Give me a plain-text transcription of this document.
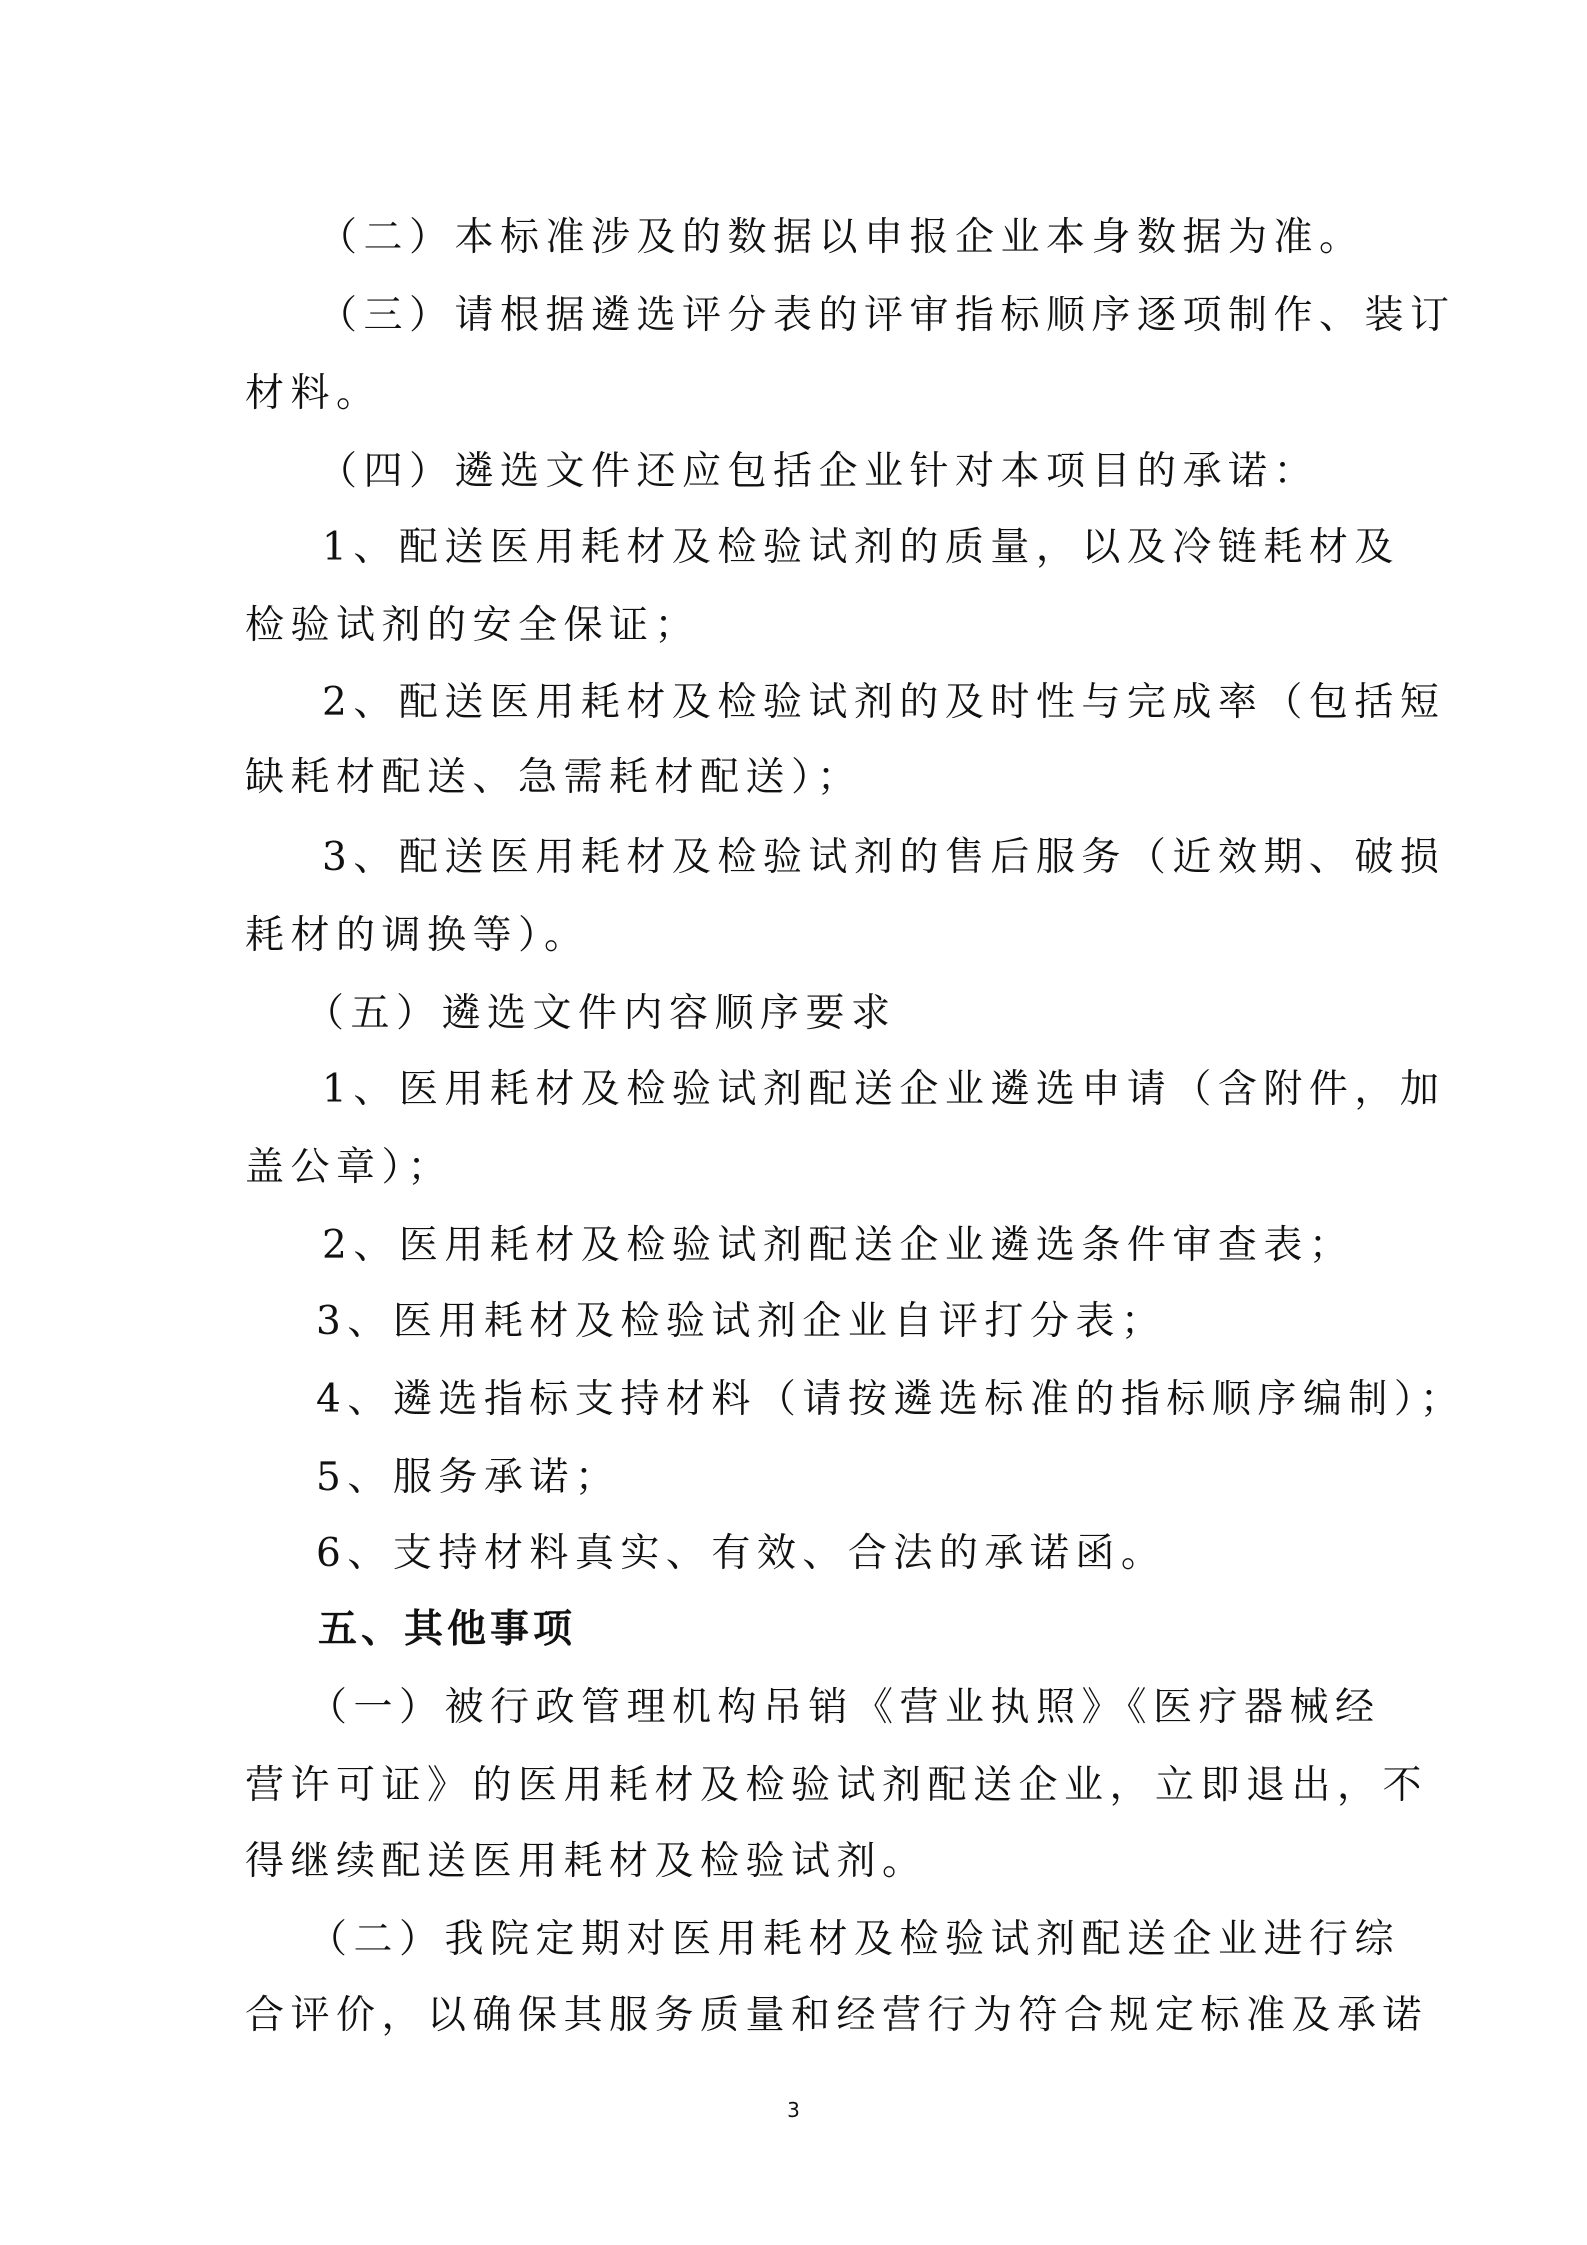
（二）本标准涉及的数据以申报企业本身数据为准。
（三）请根据遴选评分表的评审指标顺序逐项制作、装订
材料。
（四）遴选文件还应包括企业针对本项目的承诺：
1、配送医用耗材及检验试剂的质量，以及冷链耗材及
检验试剂的安全保证；
2、配送医用耗材及检验试剂的及时性与完成率（包括短
缺耗材配送、急需耗材配送）；
3、配送医用耗材及检验试剂的售后服务（近效期、破损
耗材的调换等）。
（五）遴选文件内容顺序要求
1、医用耗材及检验试剂配送企业遴选申请（含附件，加
盖公章）；
2、医用耗材及检验试剂配送企业遴选条件审查表；
3、医用耗材及检验试剂企业自评打分表；
4、遴选指标支持材料（请按遴选标准的指标顺序编制）；
5、服务承诺；
6、支持材料真实、有效、合法的承诺函。
五、其他事项
（一）被行政管理机构吊销《营业执照》《医疗器械经
营许可证》的医用耗材及检验试剂配送企业，立即退出，不
得继续配送医用耗材及检验试剂。
（二）我院定期对医用耗材及检验试剂配送企业进行综
合评价，以确保其服务质量和经营行为符合规定标准及承诺
3
